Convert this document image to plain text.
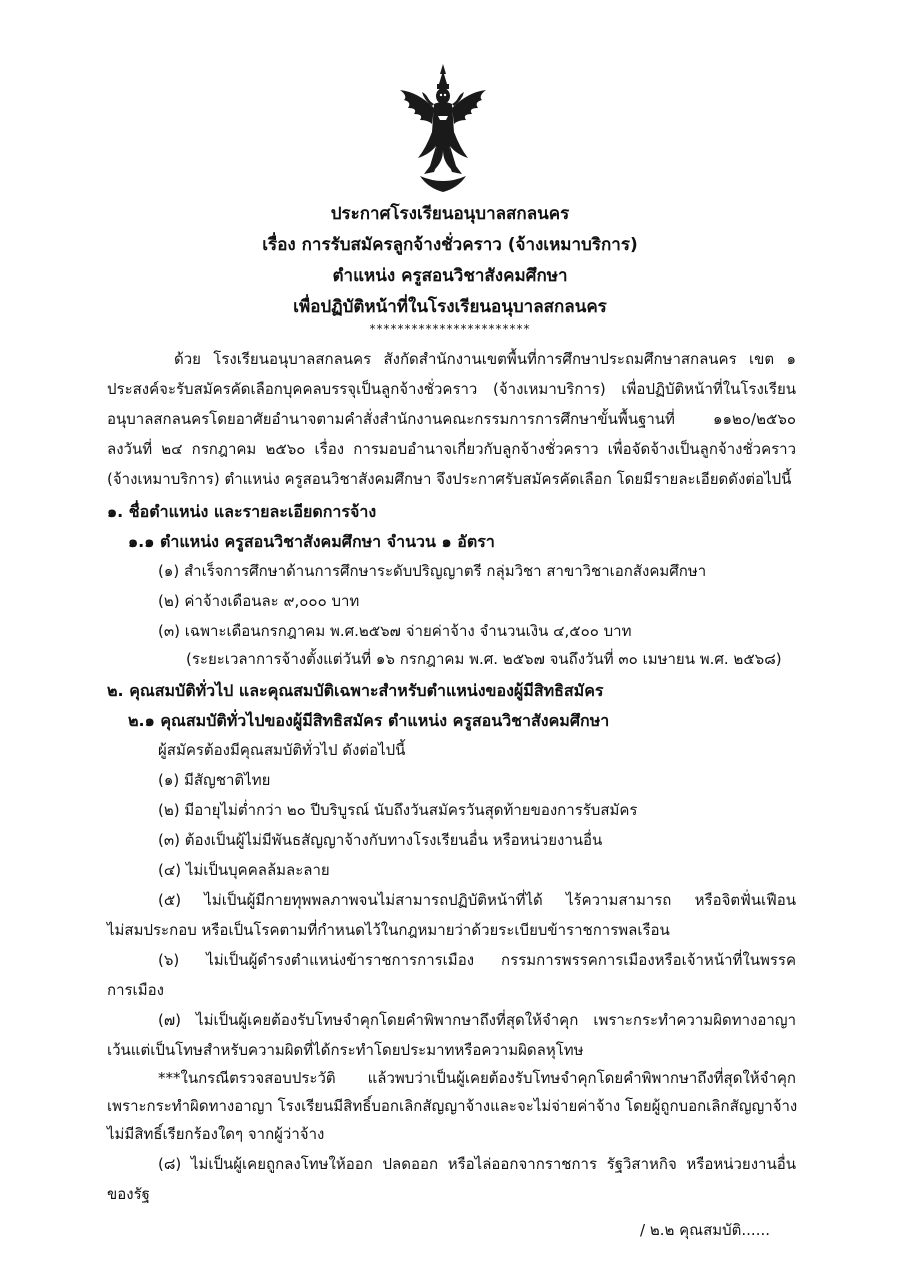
ประกาศโรงเรียนอนุบาลสกลนคร
เรื่อง การรับสมัครลูกจ้างชั่วคราว (จ้างเหมาบริการ)
ตำแหน่ง ครูสอนวิชาสังคมศึกษา
เพื่อปฏิบัติหน้าที่ในโรงเรียนอนุบาลสกลนคร
***********************
ด้วย โรงเรียนอนุบาลสกลนคร สังกัดสำนักงานเขตพื้นที่การศึกษาประถมศึกษาสกลนคร เขต ๑
ประสงค์จะรับสมัครคัดเลือกบุคคลบรรจุเป็นลูกจ้างชั่วคราว (จ้างเหมาบริการ) เพื่อปฏิบัติหน้าที่ในโรงเรียน
อนุบาลสกลนครโดยอาศัยอำนาจตามคำสั่งสำนักงานคณะกรรมการการศึกษาขั้นพื้นฐานที่ ๑๑๒๐/๒๕๖๐
ลงวันที่ ๒๔ กรกฎาคม ๒๕๖๐ เรื่อง การมอบอำนาจเกี่ยวกับลูกจ้างชั่วคราว เพื่อจัดจ้างเป็นลูกจ้างชั่วคราว
(จ้างเหมาบริการ) ตำแหน่ง ครูสอนวิชาสังคมศึกษา จึงประกาศรับสมัครคัดเลือก โดยมีรายละเอียดดังต่อไปนี้
๑. ชื่อตำแหน่ง และรายละเอียดการจ้าง
๑.๑ ตำแหน่ง ครูสอนวิชาสังคมศึกษา จำนวน ๑ อัตรา
(๑) สำเร็จการศึกษาด้านการศึกษาระดับปริญญาตรี กลุ่มวิชา สาขาวิชาเอกสังคมศึกษา
(๒) ค่าจ้างเดือนละ ๙,๐๐๐ บาท
(๓) เฉพาะเดือนกรกฎาคม พ.ศ.๒๕๖๗ จ่ายค่าจ้าง จำนวนเงิน ๔,๕๐๐ บาท
(ระยะเวลาการจ้างตั้งแต่วันที่ ๑๖ กรกฎาคม พ.ศ. ๒๕๖๗ จนถึงวันที่ ๓๐ เมษายน พ.ศ. ๒๕๖๘)
๒. คุณสมบัติทั่วไป และคุณสมบัติเฉพาะสำหรับตำแหน่งของผู้มีสิทธิสมัคร
๒.๑ คุณสมบัติทั่วไปของผู้มีสิทธิสมัคร ตำแหน่ง ครูสอนวิชาสังคมศึกษา
ผู้สมัครต้องมีคุณสมบัติทั่วไป ดังต่อไปนี้
(๑) มีสัญชาติไทย
(๒) มีอายุไม่ต่ำกว่า ๒๐ ปีบริบูรณ์ นับถึงวันสมัครวันสุดท้ายของการรับสมัคร
(๓) ต้องเป็นผู้ไม่มีพันธสัญญาจ้างกับทางโรงเรียนอื่น หรือหน่วยงานอื่น
(๔) ไม่เป็นบุคคลล้มละลาย
(๕) ไม่เป็นผู้มีกายทุพพลภาพจนไม่สามารถปฏิบัติหน้าที่ได้ ไร้ความสามารถ หรือจิตฟั่นเฟือน
ไม่สมประกอบ หรือเป็นโรคตามที่กำหนดไว้ในกฎหมายว่าด้วยระเบียบข้าราชการพลเรือน
(๖) ไม่เป็นผู้ดำรงตำแหน่งข้าราชการการเมือง กรรมการพรรคการเมืองหรือเจ้าหน้าที่ในพรรค
การเมือง
(๗) ไม่เป็นผู้เคยต้องรับโทษจำคุกโดยคำพิพากษาถึงที่สุดให้จำคุก เพราะกระทำความผิดทางอาญา
เว้นแต่เป็นโทษสำหรับความผิดที่ได้กระทำโดยประมาทหรือความผิดลหุโทษ
***ในกรณีตรวจสอบประวัติ แล้วพบว่าเป็นผู้เคยต้องรับโทษจำคุกโดยคำพิพากษาถึงที่สุดให้จำคุก
เพราะกระทำผิดทางอาญา โรงเรียนมีสิทธิ์บอกเลิกสัญญาจ้างและจะไม่จ่ายค่าจ้าง โดยผู้ถูกบอกเลิกสัญญาจ้าง
ไม่มีสิทธิ์เรียกร้องใดๆ จากผู้ว่าจ้าง
(๘) ไม่เป็นผู้เคยถูกลงโทษให้ออก ปลดออก หรือไล่ออกจากราชการ รัฐวิสาหกิจ หรือหน่วยงานอื่น
ของรัฐ
/ ๒.๒ คุณสมบัติ......
